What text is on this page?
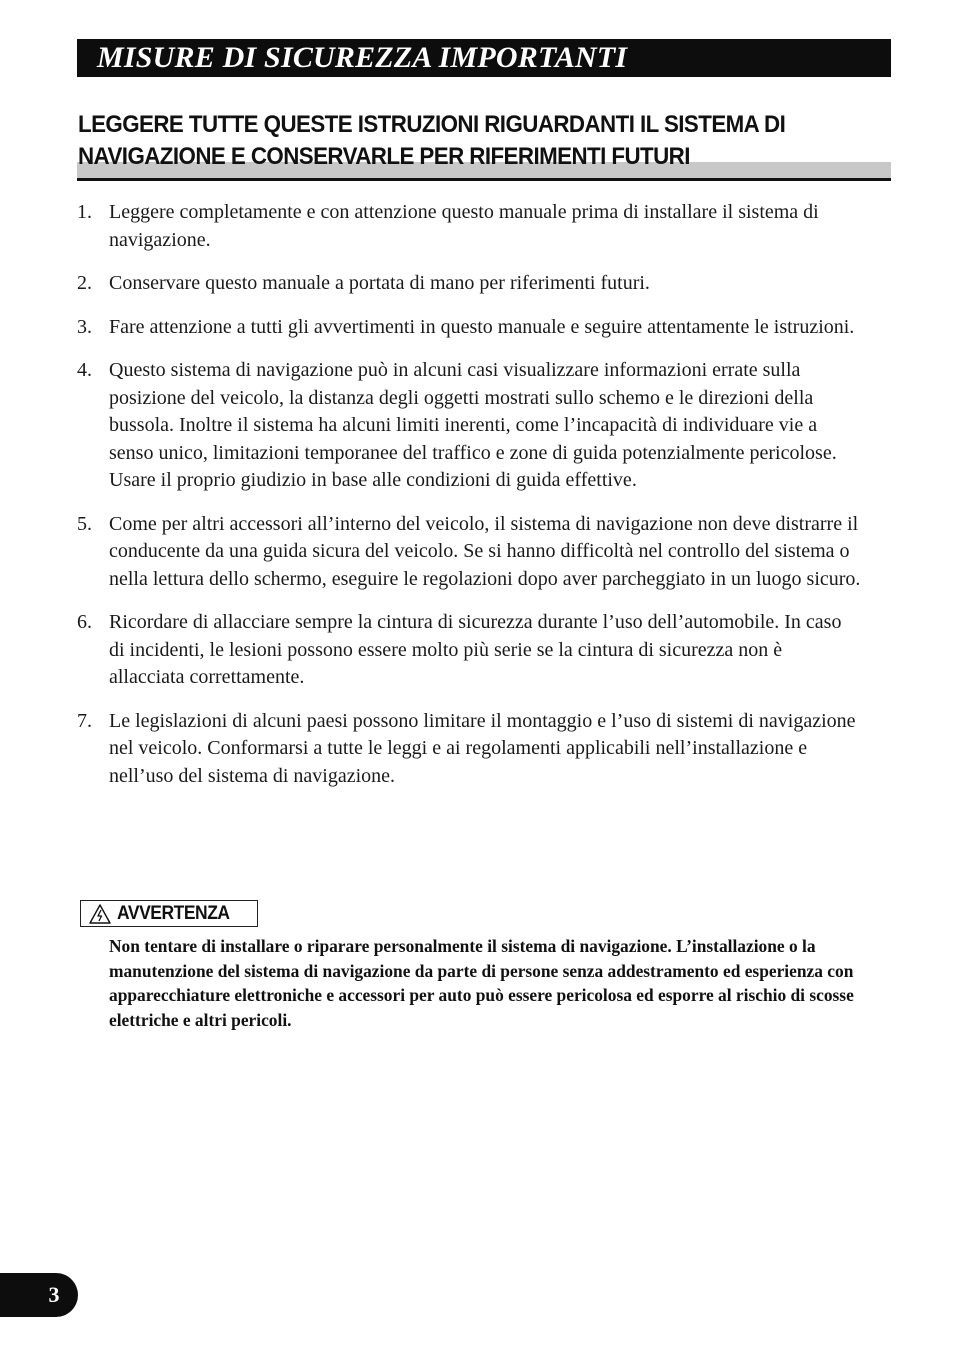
MISURE DI SICUREZZA IMPORTANTI
LEGGERE TUTTE QUESTE ISTRUZIONI RIGUARDANTI IL SISTEMA DI NAVIGAZIONE E CONSERVARLE PER RIFERIMENTI FUTURI
1. Leggere completamente e con attenzione questo manuale prima di installare il sistema di navigazione.
2. Conservare questo manuale a portata di mano per riferimenti futuri.
3. Fare attenzione a tutti gli avvertimenti in questo manuale e seguire attentamente le istruzioni.
4. Questo sistema di navigazione può in alcuni casi visualizzare informazioni errate sulla posizione del veicolo, la distanza degli oggetti mostrati sullo schemo e le direzioni della bussola. Inoltre il sistema ha alcuni limiti inerenti, come l’incapacità di individuare vie a senso unico, limitazioni temporanee del traffico e zone di guida potenzialmente pericolose. Usare il proprio giudizio in base alle condizioni di guida effettive.
5. Come per altri accessori all’interno del veicolo, il sistema di navigazione non deve distrarre il conducente da una guida sicura del veicolo. Se si hanno difficoltà nel controllo del sistema o nella lettura dello schermo, eseguire le regolazioni dopo aver parcheggiato in un luogo sicuro.
6. Ricordare di allacciare sempre la cintura di sicurezza durante l’uso dell’automobile. In caso di incidenti, le lesioni possono essere molto più serie se la cintura di sicurezza non è allacciata correttamente.
7. Le legislazioni di alcuni paesi possono limitare il montaggio e l’uso di sistemi di navigazione nel veicolo. Conformarsi a tutte le leggi e ai regolamenti applicabili nell’installazione e nell’uso del sistema di navigazione.
AVVERTENZA
Non tentare di installare o riparare personalmente il sistema di navigazione. L’installazione o la manutenzione del sistema di navigazione da parte di persone senza addestramento ed esperienza con apparecchiature elettroniche e accessori per auto può essere pericolosa ed esporre al rischio di scosse elettriche e altri pericoli.
3
